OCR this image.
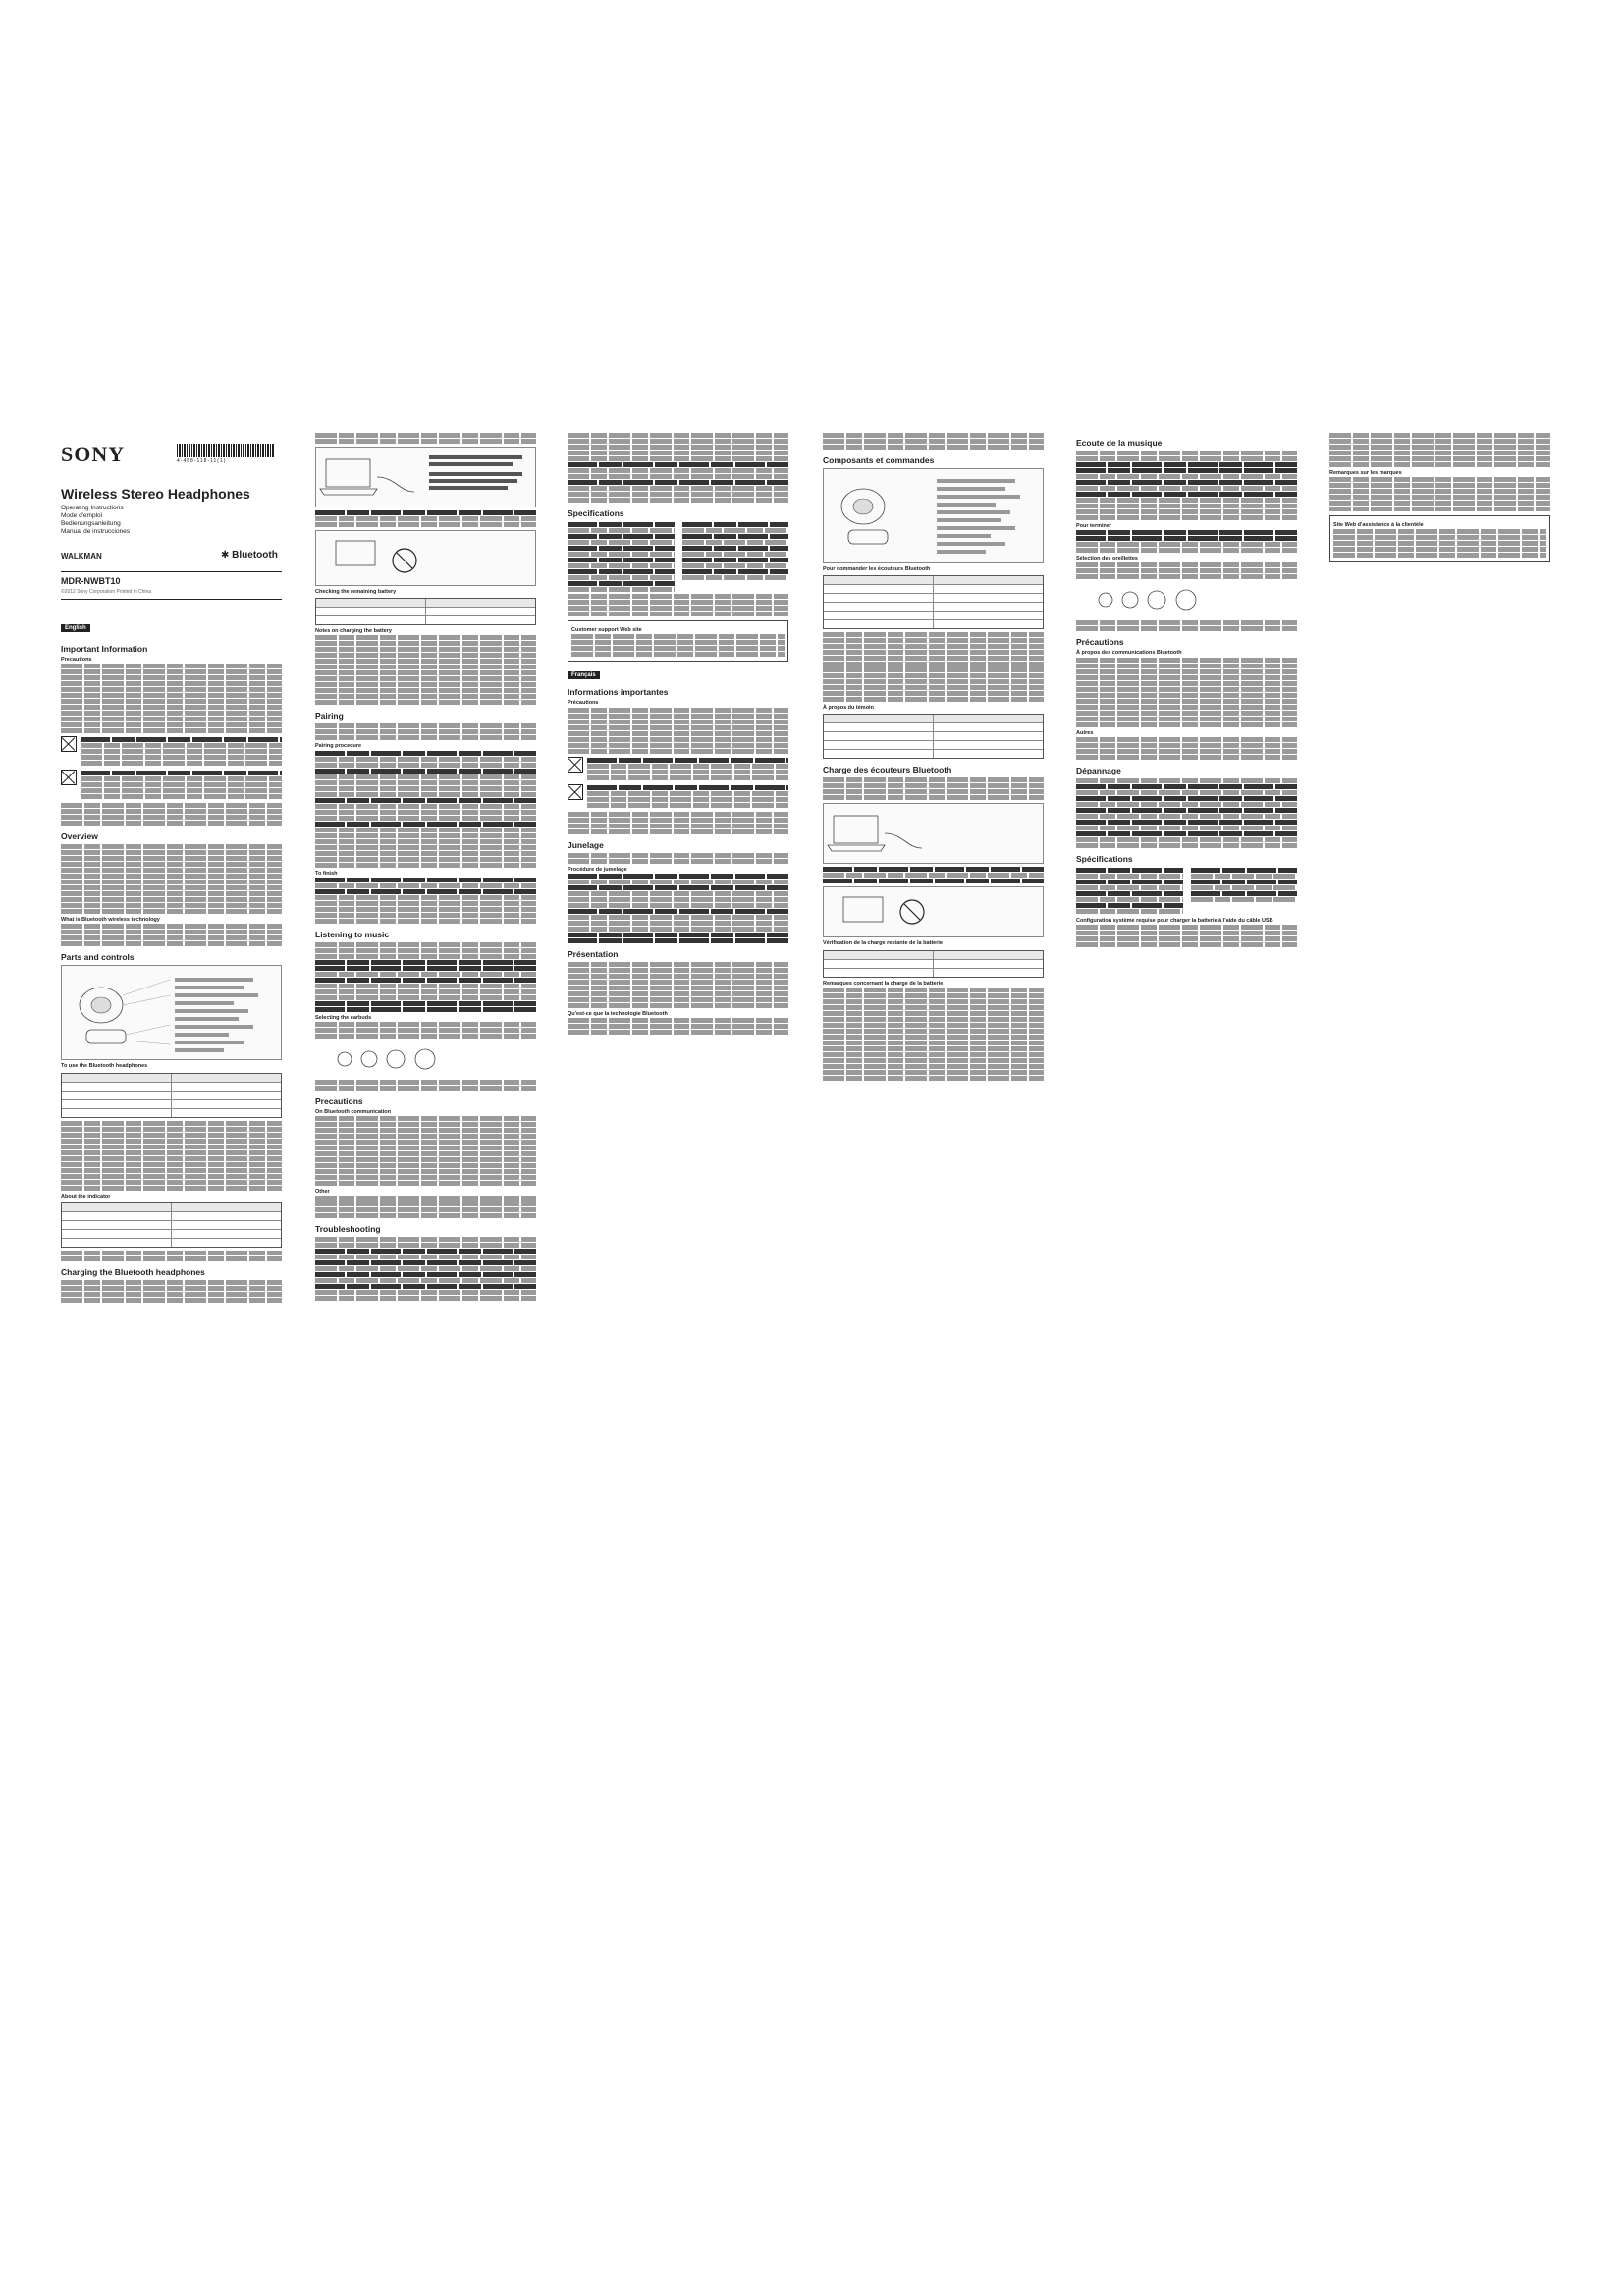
SONY	4-488-118-11(1)
Wireless Stereo Headphones
Operating Instructions
Mode d'emploi
Bedienungsanleitung
Manual de instrucciones
WALKMAN	✱ Bluetooth
MDR-NWBT10
©2012 Sony Corporation Printed in China
English
Important Information
Precautions
Overview
What is Bluetooth wireless technology
Parts and controls
To use the Bluetooth headphones
About the indicator
Charging the Bluetooth headphones
Checking the remaining battery
Notes on charging the battery
Pairing
Pairing procedure
To finish
Listening to music
Selecting the earbuds
Precautions
On Bluetooth communication
Other
Troubleshooting
Specifications
Customer support Web site
Français
Informations importantes
Précautions
Junelage
Procédure de jumelage
Présentation
Qu'est-ce que la technologie Bluetooth
Composants et commandes
Pour commander les écouteurs Bluetooth
À propos du témoin
Charge des écouteurs Bluetooth
Vérification de la charge restante de la batterie
Remarques concernant la charge de la batterie
Ecoute de la musique
Pour terminer
Sélection des oreillettes
Précautions
À propos des communications Bluetooth
Autres
Dépannage
Spécifications
Configuration système requise pour charger la batterie à l'aide du câble USB
Remarques sur les marques
Site Web d'assistance à la clientèle
